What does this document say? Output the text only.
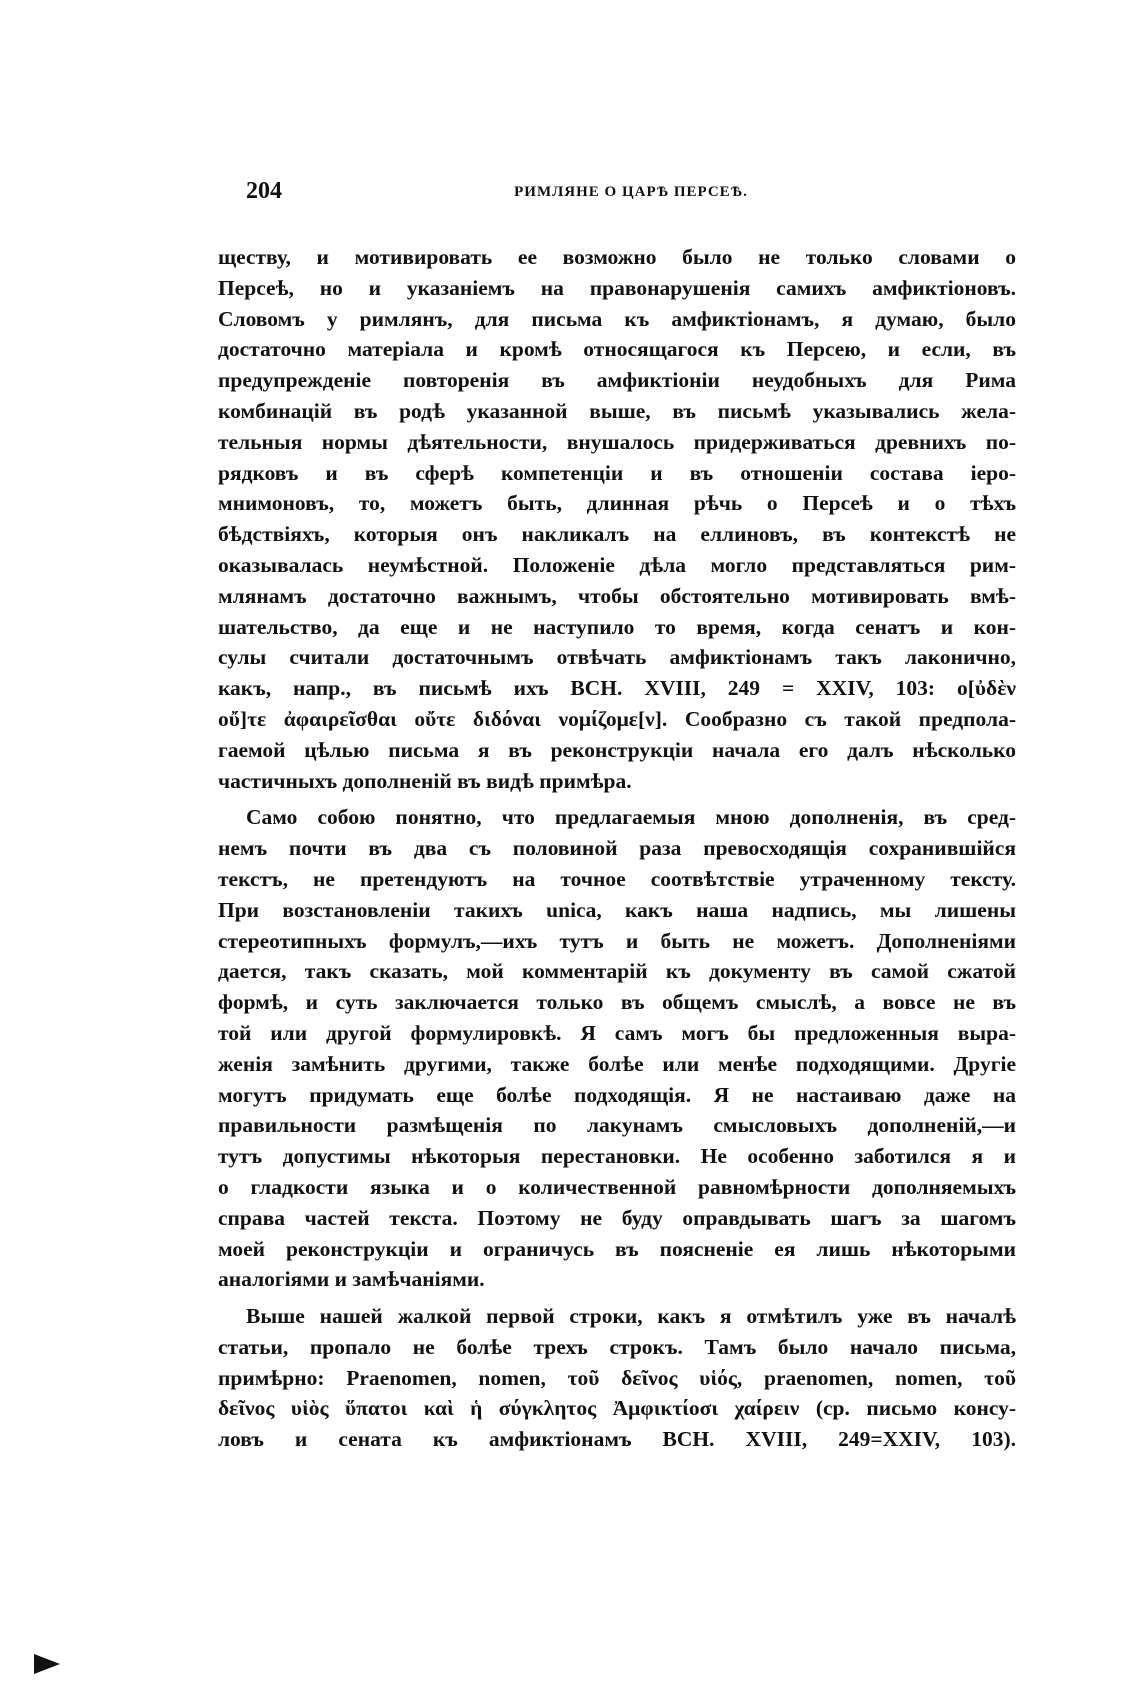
204	РИМЛЯНЕ О ЦАРѢ ПЕРСЕѢ.

ществу, и мотивировать ее возможно было не только словами о
Персеѣ, но и указаніемъ на правонарушенія самихъ амфиктіоновъ.
Словомъ у римлянъ, для письма къ амфиктіонамъ, я думаю, было
достаточно матеріала и кромѣ относящагося къ Персею, и если, въ
предупрежденіе повторенія въ амфиктіоніи неудобныхъ для Рима
комбинацій въ родѣ указанной выше, въ письмѣ указывались жела-
тельныя нормы дѣятельности, внушалось придерживаться древнихъ по-
рядковъ и въ сферѣ компетенціи и въ отношеніи состава іеро-
мнимоновъ, то, можетъ быть, длинная рѣчь о Персеѣ и о тѣхъ
бѣдствіяхъ, которыя онъ накликалъ на еллиновъ, въ контекстѣ не
оказывалась неумѣстной. Положеніе дѣла могло представляться рим-
млянамъ достаточно важнымъ, чтобы обстоятельно мотивировать вмѣ-
шательство, да еще и не наступило то время, когда сенатъ и кон-
сулы считали достаточнымъ отвѣчать амфиктіонамъ такъ лаконично,
какъ, напр., въ письмѣ ихъ BCH. XVIII, 249 = XXIV, 103: ο[ὐδὲν
οὔ]τε ἀφαιρεῖσθαι οὔτε διδόναι νομίζομε[ν]. Сообразно съ такой предпола-
гаемой цѣлью письма я въ реконструкціи начала его далъ нѣсколько
частичныхъ дополненій въ видѣ примѣра.

Само собою понятно, что предлагаемыя мною дополненія, въ сред-
немъ почти въ два съ половиной раза превосходящія сохранившійся
текстъ, не претендуютъ на точное соотвѣтствіе утраченному тексту.
При возстановленіи такихъ unica, какъ наша надпись, мы лишены
стереотипныхъ формулъ,—ихъ тутъ и быть не можетъ. Дополненіями
дается, такъ сказать, мой комментарій къ документу въ самой сжатой
формѣ, и суть заключается только въ общемъ смыслѣ, а вовсе не въ
той или другой формулировкѣ. Я самъ могъ бы предложенныя выра-
женія замѣнить другими, также болѣе или менѣе подходящими. Другіе
могутъ придумать еще болѣе подходящія. Я не настаиваю даже на
правильности размѣщенія по лакунамъ смысловыхъ дополненій,—и
тутъ допустимы нѣкоторыя перестановки. Не особенно заботился я и
о гладкости языка и о количественной равномѣрности дополняемыхъ
справа частей текста. Поэтому не буду оправдывать шагъ за шагомъ
моей реконструкціи и ограничусь въ поясненіе ея лишь нѣкоторыми
аналогіями и замѣчаніями.

Выше нашей жалкой первой строки, какъ я отмѣтилъ уже въ началѣ
статьи, пропало не болѣе трехъ строкъ. Тамъ было начало письма,
примѣрно: Praenomen, nomen, τοῦ δεῖνος υἱός, praenomen, nomen, τοῦ
δεῖνος υἱὸς ὕπατοι καὶ ἡ σύγκλητος Ἀμφικτίοσι χαίρειν (ср. письмо консу-
ловъ и сената къ амфиктіонамъ BCH. XVIII, 249=XXIV, 103).
